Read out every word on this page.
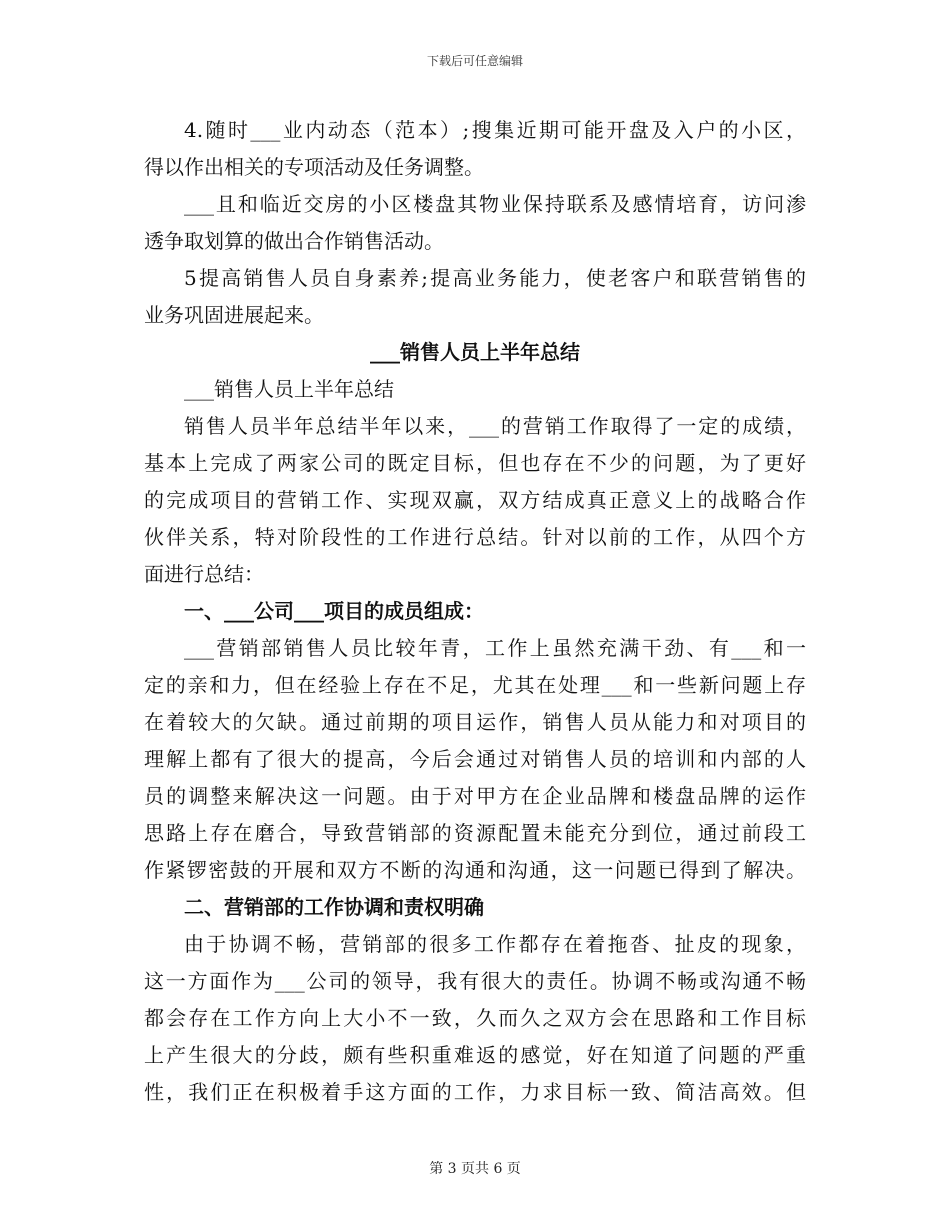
下载后可任意编辑
4.随时___业内动态（范本）;搜集近期可能开盘及入户的小区，
得以作出相关的专项活动及任务调整。
___且和临近交房的小区楼盘其物业保持联系及感情培育，访问渗
透争取划算的做出合作销售活动。
5提高销售人员自身素养;提高业务能力，使老客户和联营销售的
业务巩固进展起来。
___销售人员上半年总结
___销售人员上半年总结
销售人员半年总结半年以来，___的营销工作取得了一定的成绩，
基本上完成了两家公司的既定目标，但也存在不少的问题，为了更好
的完成项目的营销工作、实现双赢，双方结成真正意义上的战略合作
伙伴关系，特对阶段性的工作进行总结。针对以前的工作，从四个方
面进行总结：
一、___公司___项目的成员组成：
___营销部销售人员比较年青，工作上虽然充满干劲、有___和一
定的亲和力，但在经验上存在不足，尤其在处理___和一些新问题上存
在着较大的欠缺。通过前期的项目运作，销售人员从能力和对项目的
理解上都有了很大的提高，今后会通过对销售人员的培训和内部的人
员的调整来解决这一问题。由于对甲方在企业品牌和楼盘品牌的运作
思路上存在磨合，导致营销部的资源配置未能充分到位，通过前段工
作紧锣密鼓的开展和双方不断的沟通和沟通，这一问题已得到了解决。
二、营销部的工作协调和责权明确
由于协调不畅，营销部的很多工作都存在着拖沓、扯皮的现象，
这一方面作为___公司的领导，我有很大的责任。协调不畅或沟通不畅
都会存在工作方向上大小不一致，久而久之双方会在思路和工作目标
上产生很大的分歧，颇有些积重难返的感觉，好在知道了问题的严重
性，我们正在积极着手这方面的工作，力求目标一致、简洁高效。但
第 3 页共 6 页
